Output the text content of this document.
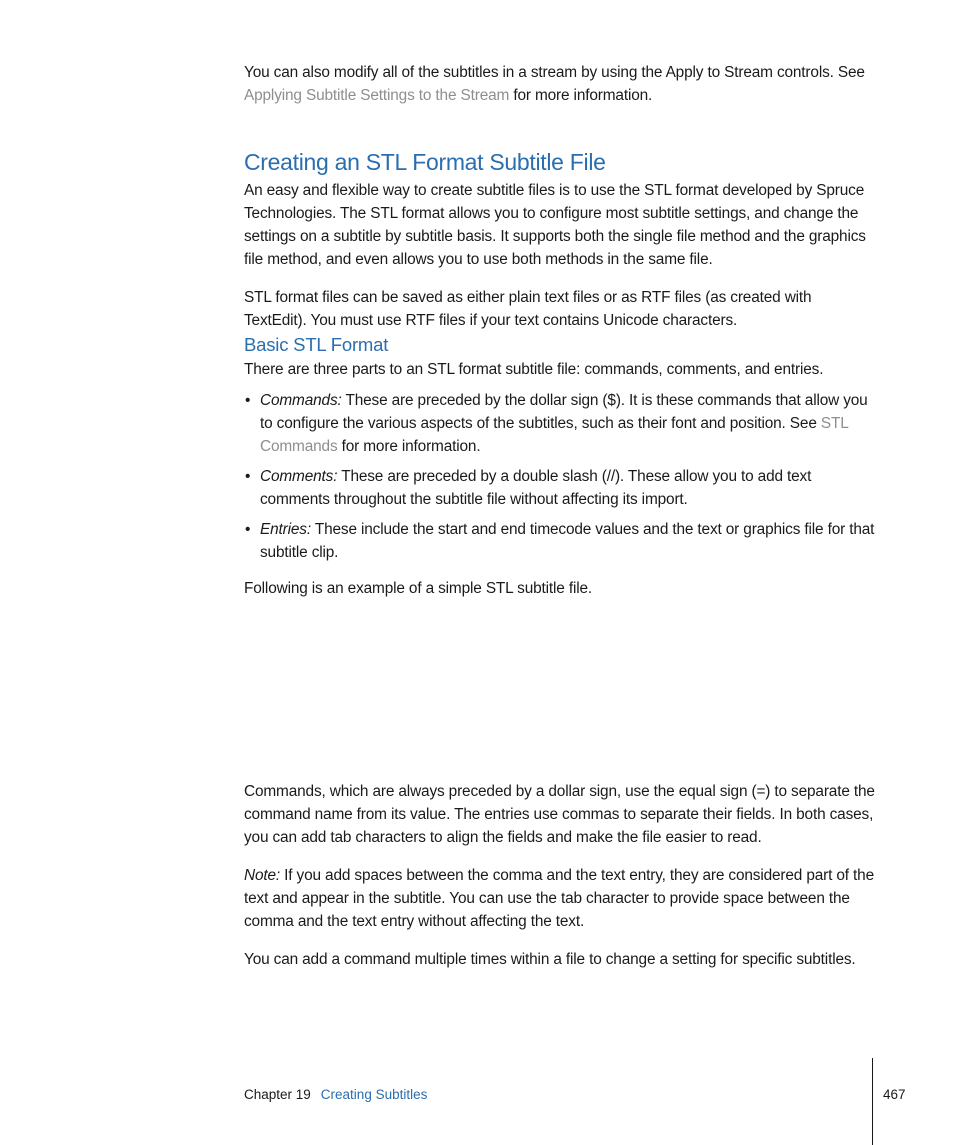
You can also modify all of the subtitles in a stream by using the Apply to Stream controls. See Applying Subtitle Settings to the Stream for more information.

Creating an STL Format Subtitle File

An easy and flexible way to create subtitle files is to use the STL format developed by Spruce Technologies. The STL format allows you to configure most subtitle settings, and change the settings on a subtitle by subtitle basis. It supports both the single file method and the graphics file method, and even allows you to use both methods in the same file.

STL format files can be saved as either plain text files or as RTF files (as created with TextEdit). You must use RTF files if your text contains Unicode characters.

Basic STL Format

There are three parts to an STL format subtitle file: commands, comments, and entries.

• Commands: These are preceded by the dollar sign ($). It is these commands that allow you to configure the various aspects of the subtitles, such as their font and position. See STL Commands for more information.
• Comments: These are preceded by a double slash (//). These allow you to add text comments throughout the subtitle file without affecting its import.
• Entries: These include the start and end timecode values and the text or graphics file for that subtitle clip.

Following is an example of a simple STL subtitle file.

Commands, which are always preceded by a dollar sign, use the equal sign (=) to separate the command name from its value. The entries use commas to separate their fields. In both cases, you can add tab characters to align the fields and make the file easier to read.

Note: If you add spaces between the comma and the text entry, they are considered part of the text and appear in the subtitle. You can use the tab character to provide space between the comma and the text entry without affecting the text.

You can add a command multiple times within a file to change a setting for specific subtitles.

Chapter 19 Creating Subtitles	467
